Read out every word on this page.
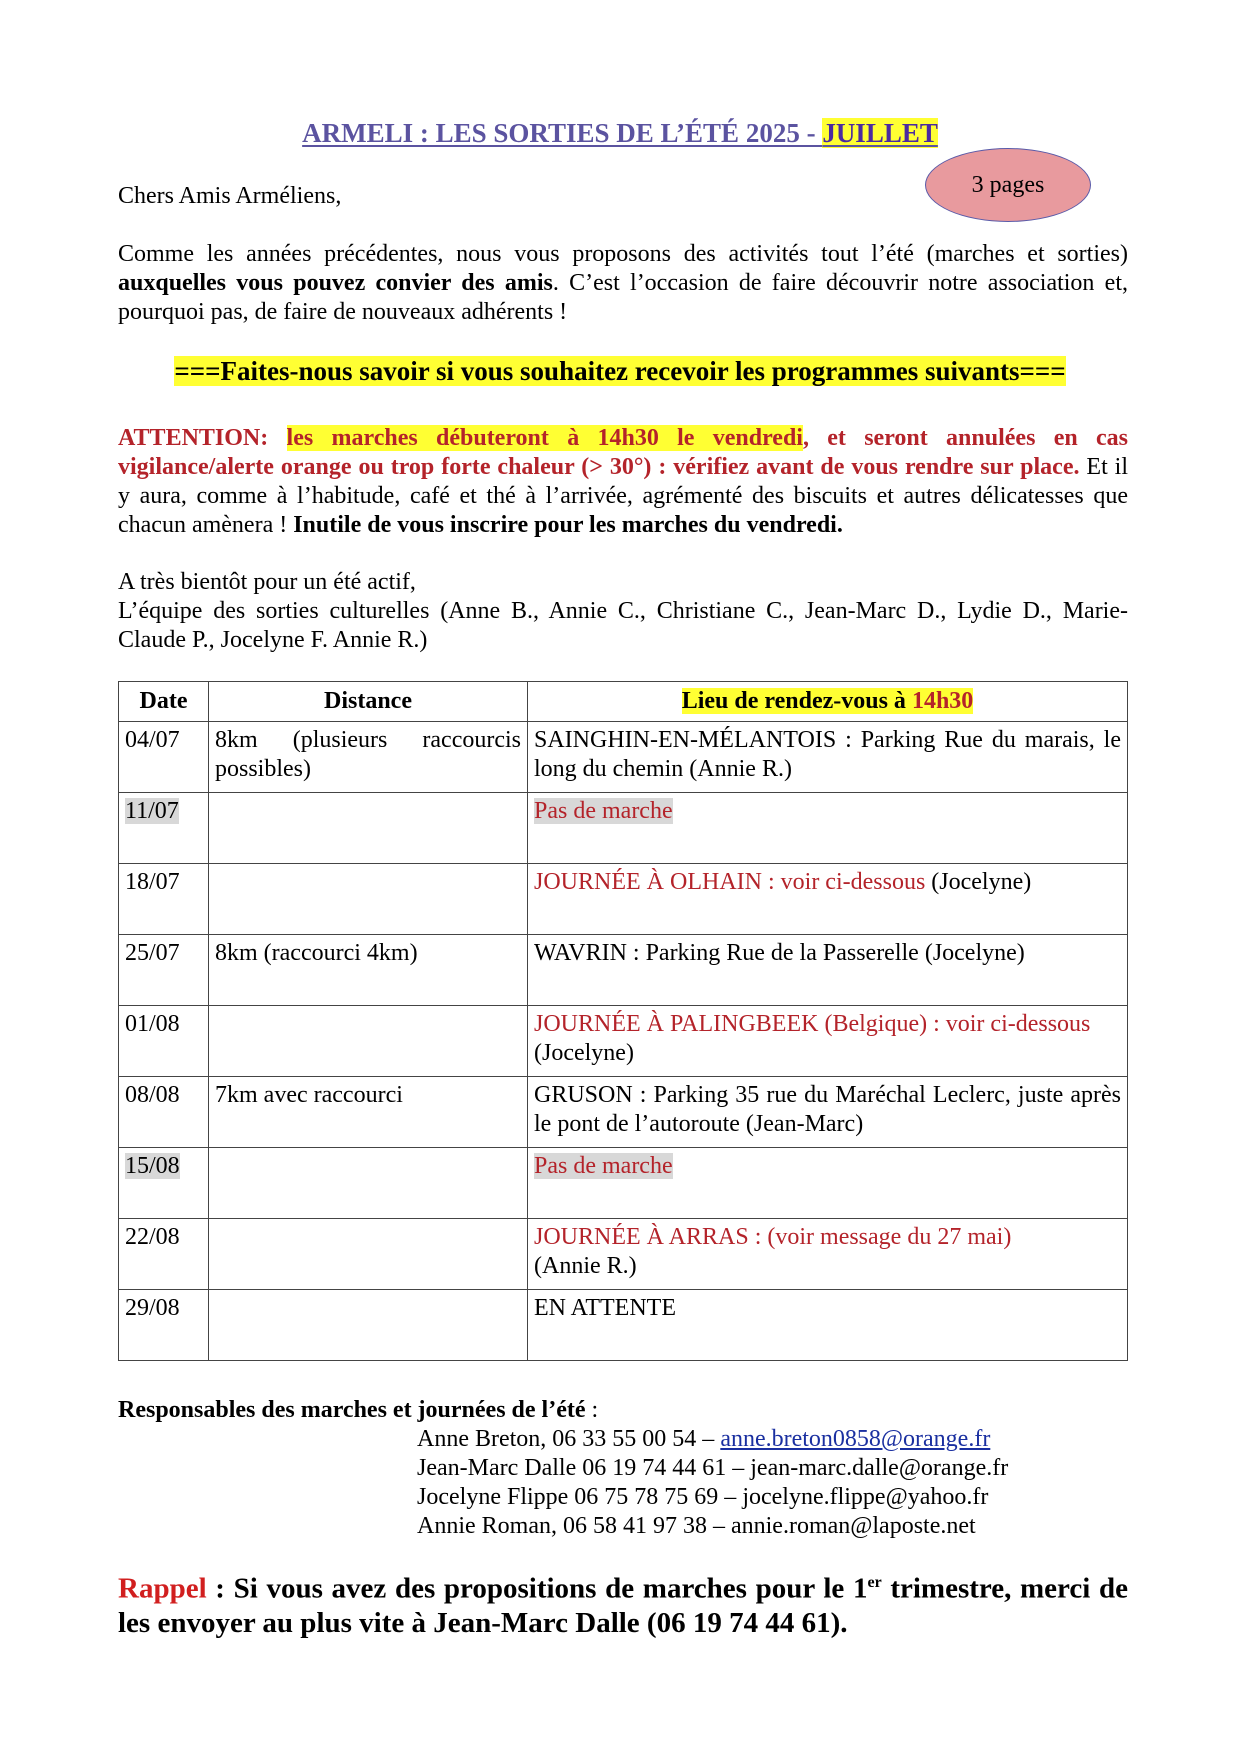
ARMELI : LES SORTIES DE L’ÉTÉ 2025 - JUILLET
3 pages
Chers Amis Arméliens,
Comme les années précédentes, nous vous proposons des activités tout l’été (marches et sorties) auxquelles vous pouvez convier des amis. C’est l’occasion de faire découvrir notre association et, pourquoi pas, de faire de nouveaux adhérents !
===Faites-nous savoir si vous souhaitez recevoir les programmes suivants===
ATTENTION: les marches débuteront à 14h30 le vendredi, et seront annulées en cas vigilance/alerte orange ou trop forte chaleur (> 30°) : vérifiez avant de vous rendre sur place. Et il y aura, comme à l’habitude, café et thé à l’arrivée, agrémenté des biscuits et autres délicatesses que chacun amènera ! Inutile de vous inscrire pour les marches du vendredi.
A très bientôt pour un été actif,
L’équipe des sorties culturelles (Anne B., Annie C., Christiane C., Jean-Marc D., Lydie D., Marie-Claude P., Jocelyne F. Annie R.)
Date	Distance	Lieu de rendez-vous à 14h30
04/07	8km (plusieurs raccourcis possibles)	SAINGHIN-EN-MÉLANTOIS : Parking Rue du marais, le long du chemin (Annie R.)
11/07		Pas de marche
18/07		JOURNÉE À OLHAIN : voir ci-dessous (Jocelyne)
25/07	8km (raccourci 4km)	WAVRIN : Parking Rue de la Passerelle (Jocelyne)
01/08		JOURNÉE À PALINGBEEK (Belgique) : voir ci-dessous
(Jocelyne)
08/08	7km avec raccourci	GRUSON : Parking 35 rue du Maréchal Leclerc, juste après le pont de l’autoroute (Jean-Marc)
15/08		Pas de marche
22/08		JOURNÉE À ARRAS : (voir message du 27 mai)
(Annie R.)
29/08		EN ATTENTE
Responsables des marches et journées de l’été :
Anne Breton, 06 33 55 00 54 – anne.breton0858@orange.fr
Jean-Marc Dalle 06 19 74 44 61 – jean-marc.dalle@orange.fr
Jocelyne Flippe 06 75 78 75 69 – jocelyne.flippe@yahoo.fr
Annie Roman, 06 58 41 97 38 – annie.roman@laposte.net
Rappel : Si vous avez des propositions de marches pour le 1er trimestre, merci de les envoyer au plus vite à Jean-Marc Dalle (06 19 74 44 61).
